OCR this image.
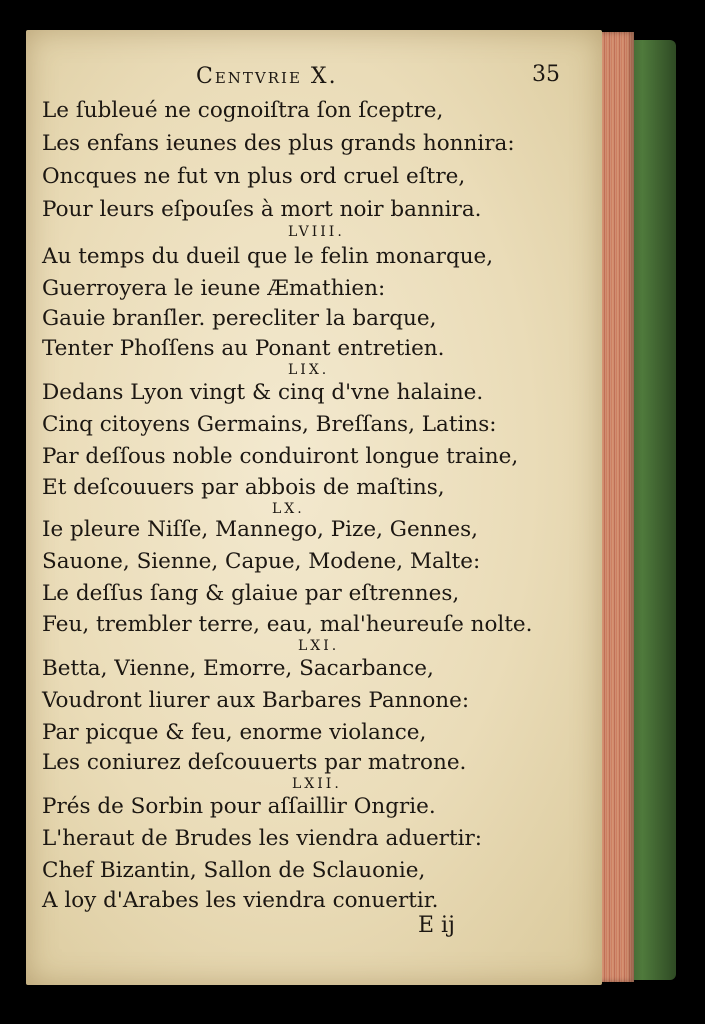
Centvrie X.	35
Le ſubleué ne cognoiſtra ſon ſceptre,
Les enfans ieunes des plus grands honnira:
Oncques ne fut vn plus ord cruel eſtre,
Pour leurs eſpouſes à mort noir bannira.
LVIII.
Au temps du dueil que le felin monarque,
Guerroyera le ieune Æmathien:
Gauie branſler. perecliter la barque,
Tenter Phoſſens au Ponant entretien.
LIX.
Dedans Lyon vingt & cinq d'vne halaine.
Cinq citoyens Germains, Breſſans, Latins:
Par deſſous noble conduiront longue traine,
Et deſcouuers par abbois de maſtins,
LX.
Ie pleure Niſſe, Mannego, Pize, Gennes,
Sauone, Sienne, Capue, Modene, Malte:
Le deſſus ſang & glaiue par eſtrennes,
Feu, trembler terre, eau, mal'heureuſe nolte.
LXI.
Betta, Vienne, Emorre, Sacarbance,
Voudront liurer aux Barbares Pannone:
Par picque & feu, enorme violance,
Les coniurez deſcouuerts par matrone.
LXII.
Prés de Sorbin pour aſſaillir Ongrie.
L'heraut de Brudes les viendra aduertir:
Chef Bizantin, Sallon de Sclauonie,
A loy d'Arabes les viendra conuertir.
E ij
